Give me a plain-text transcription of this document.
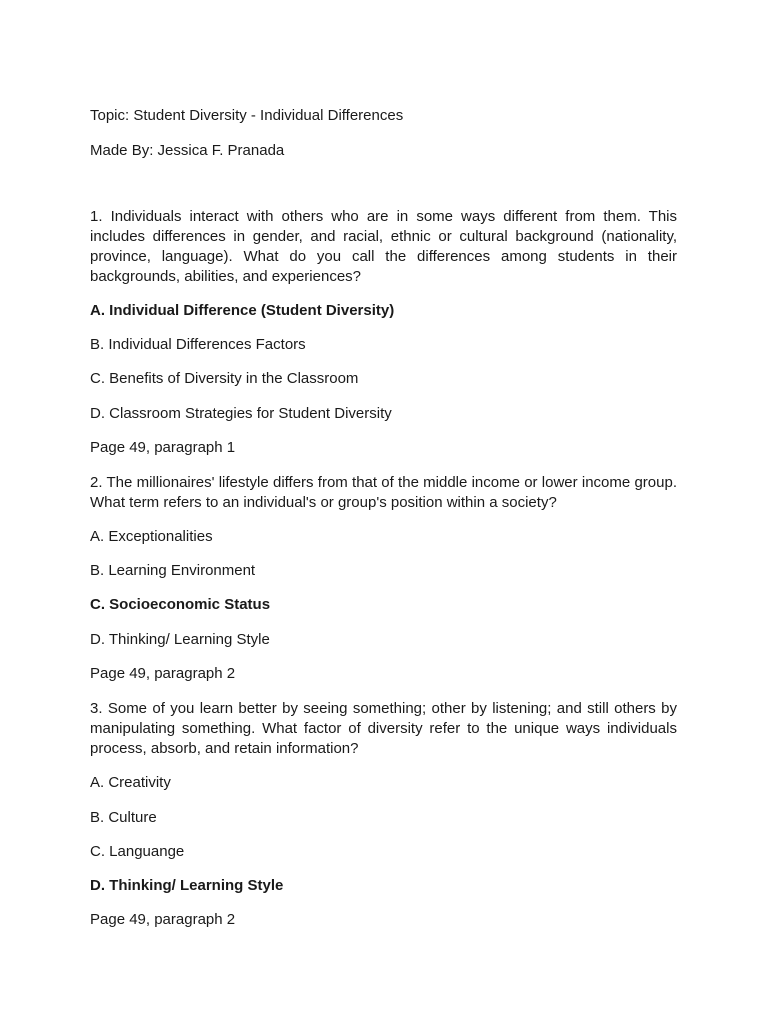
Topic: Student Diversity - Individual Differences
Made By: Jessica F. Pranada
1. Individuals interact with others who are in some ways different from them. This includes differences in gender, and racial, ethnic or cultural background (nationality, province, language). What do you call the differences among students in their backgrounds, abilities, and experiences?
A. Individual Difference (Student Diversity)
B. Individual Differences Factors
C. Benefits of Diversity in the Classroom
D. Classroom Strategies for Student Diversity
Page 49, paragraph 1
2. The millionaires' lifestyle differs from that of the middle income or lower income group. What term refers to an individual's or group's position within a society?
A. Exceptionalities
B. Learning Environment
C. Socioeconomic Status
D. Thinking/ Learning Style
Page 49, paragraph 2
3. Some of you learn better by seeing something; other by listening; and still others by manipulating something. What factor of diversity refer to the unique ways individuals process, absorb, and retain information?
A. Creativity
B. Culture
C. Languange
D. Thinking/ Learning Style
Page 49, paragraph 2
